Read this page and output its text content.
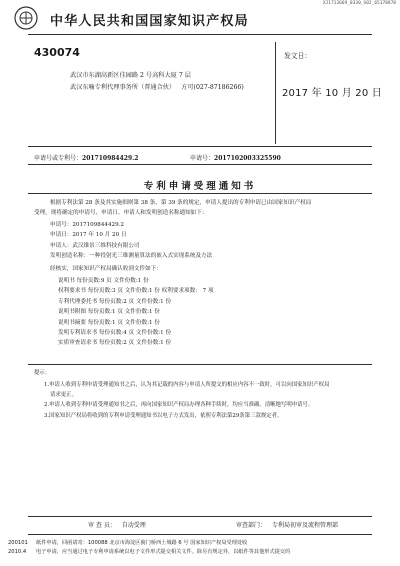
XJ1713669_0330_S02_65178878
中华人民共和国国家知识产权局
430074
武汉市东湖高新区佳园路 2 号高科大厦 7 层
武汉东喻专利代理事务所（普通合伙） 方可(027-87186266)
发文日：
2017 年 10 月 20 日
申请号或专利号：201710984429.2	申请号：2017102003325590
专利申请受理通知书
根据专利法第 28 条及其实施细则第 38 条、第 39 条的规定，申请人提出的专利申请已由国家知识产权局
受理。现将确定的申请号、申请日、申请人和发明创造名称通知如下：
申请号：2017109844429.2
申请日：2017 年 10 月 20 日
申请人：武汉维景三维科技有限公司
发明创造名称：一种投射光三维测量算法的嵌入式实现系统及方法
经核实，国家知识产权局确认收到文件如下：
说明书 每份页数:9 页 文件份数:1 份
权利要求书 每份页数:3 页 文件份数:1 份 权利要求项数： 7 项
专利代理委托书 每份页数:2 页 文件份数:1 份
说明书附图 每份页数:1 页 文件份数:1 份
说明书摘要 每份页数:1 页 文件份数:1 份
发明专利请求书 每份页数:4 页 文件份数:1 份
实质审查请求书 每份页数:2 页 文件份数:1 份
提示：
1.申请人收到专利申请受理通知书之后，认为其记载的内容与申请人所提交的相应内容不一致时，可以向国家知识产权局
请求更正。
2.申请人收到专利申请受理通知书之后，再向国家知识产权局办理各种手续时，均应当准确、清晰地写明申请号。
3.国家知识产权局将收到的专利申请受理通知书以电子方式发出，依照专利法第29条第三款规定者。
审 查 员： 自动受理	审查部门： 专利局初审及流程管理部
200101
2010.4
纸件申请，回函请寄：100088 北京市海淀区蓟门桥西土城路 6 号 国家知识产权局受理处收
电子申请，应当通过电子专利申请系统以电子文件形式提交相关文件。除另有规定外，以纸件等其他形式提交的
